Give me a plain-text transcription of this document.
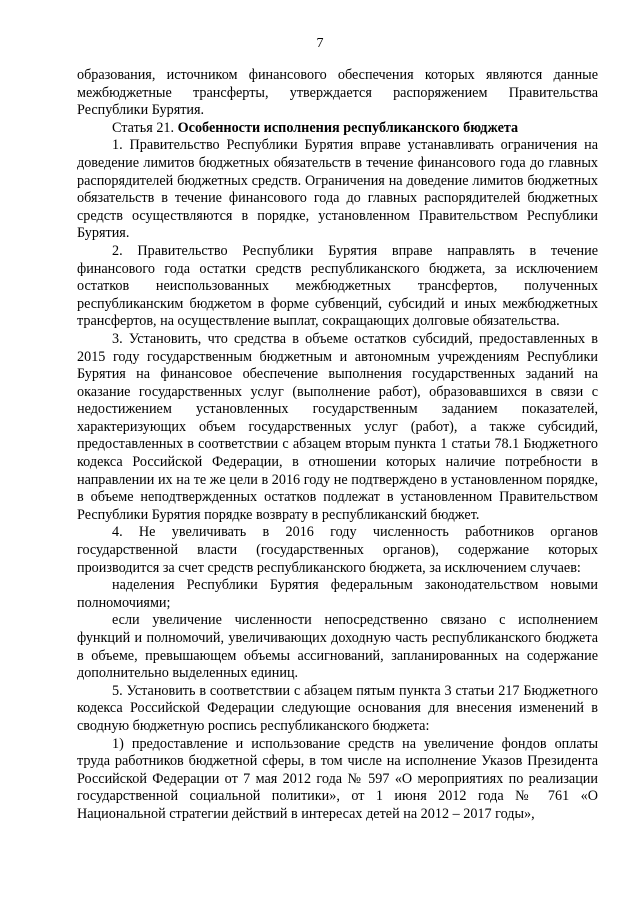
7

образования, источником финансового обеспечения которых являются данные межбюджетные трансферты, утверждается распоряжением Правительства Республики Бурятия.

Статья 21. Особенности исполнения республиканского бюджета

1. Правительство Республики Бурятия вправе устанавливать ограничения на доведение лимитов бюджетных обязательств в течение финансового года до главных распорядителей бюджетных средств. Ограничения на доведение лимитов бюджетных обязательств в течение финансового года до главных распорядителей бюджетных средств осуществляются в порядке, установленном Правительством Республики Бурятия.

2. Правительство Республики Бурятия вправе направлять в течение финансового года остатки средств республиканского бюджета, за исключением остатков неиспользованных межбюджетных трансфертов, полученных республиканским бюджетом в форме субвенций, субсидий и иных межбюджетных трансфертов, на осуществление выплат, сокращающих долговые обязательства.

3. Установить, что средства в объеме остатков субсидий, предоставленных в 2015 году государственным бюджетным и автономным учреждениям Республики Бурятия на финансовое обеспечение выполнения государственных заданий на оказание государственных услуг (выполнение работ), образовавшихся в связи с недостижением установленных государственным заданием показателей, характеризующих объем государственных услуг (работ), а также субсидий, предоставленных в соответствии с абзацем вторым пункта 1 статьи 78.1 Бюджетного кодекса Российской Федерации, в отношении которых наличие потребности в направлении их на те же цели в 2016 году не подтверждено в установленном порядке, в объеме неподтвержденных остатков подлежат в установленном Правительством Республики Бурятия порядке возврату в республиканский бюджет.

4. Не увеличивать в 2016 году численность работников органов государственной власти (государственных органов), содержание которых производится за счет средств республиканского бюджета, за исключением случаев:

наделения Республики Бурятия федеральным законодательством новыми полномочиями;

если увеличение численности непосредственно связано с исполнением функций и полномочий, увеличивающих доходную часть республиканского бюджета в объеме, превышающем объемы ассигнований, запланированных на содержание дополнительно выделенных единиц.

5. Установить в соответствии с абзацем пятым пункта 3 статьи 217 Бюджетного кодекса Российской Федерации следующие основания для внесения изменений в сводную бюджетную роспись республиканского бюджета:

1) предоставление и использование средств на увеличение фондов оплаты труда работников бюджетной сферы, в том числе на исполнение Указов Президента Российской Федерации от 7 мая 2012 года № 597 «О мероприятиях по реализации государственной социальной политики», от 1 июня 2012 года № 761 «О Национальной стратегии действий в интересах детей на 2012 – 2017 годы»,
